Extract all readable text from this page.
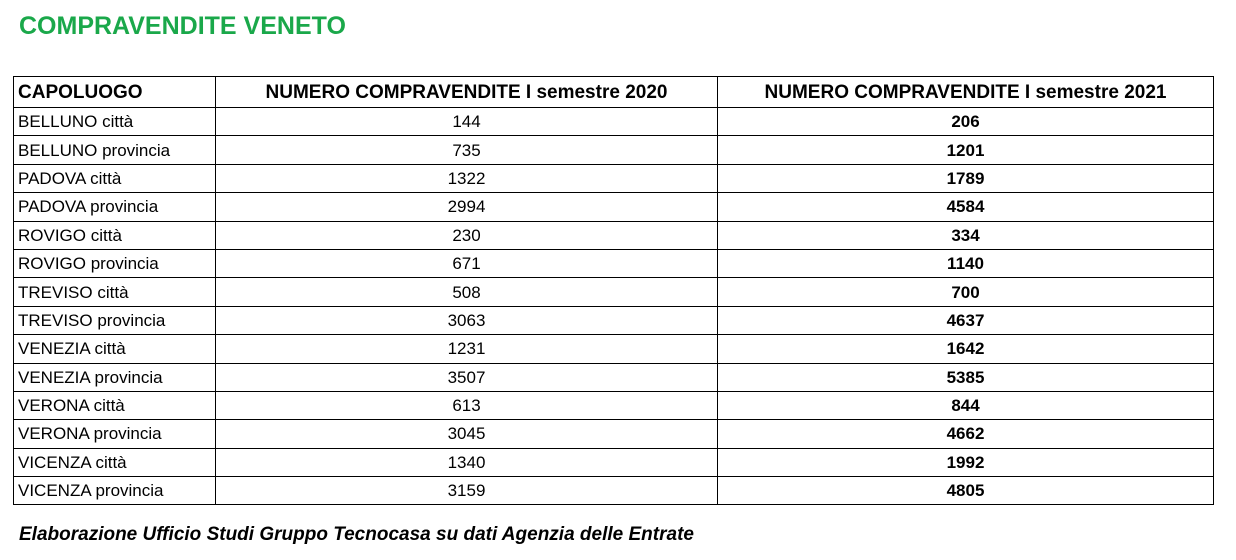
COMPRAVENDITE VENETO
CAPOLUOGO	NUMERO COMPRAVENDITE I semestre 2020	NUMERO COMPRAVENDITE I semestre 2021
BELLUNO città	144	206
BELLUNO provincia	735	1201
PADOVA città	1322	1789
PADOVA provincia	2994	4584
ROVIGO città	230	334
ROVIGO provincia	671	1140
TREVISO città	508	700
TREVISO provincia	3063	4637
VENEZIA città	1231	1642
VENEZIA provincia	3507	5385
VERONA città	613	844
VERONA provincia	3045	4662
VICENZA città	1340	1992
VICENZA provincia	3159	4805

Elaborazione Ufficio Studi Gruppo Tecnocasa su dati Agenzia delle Entrate
